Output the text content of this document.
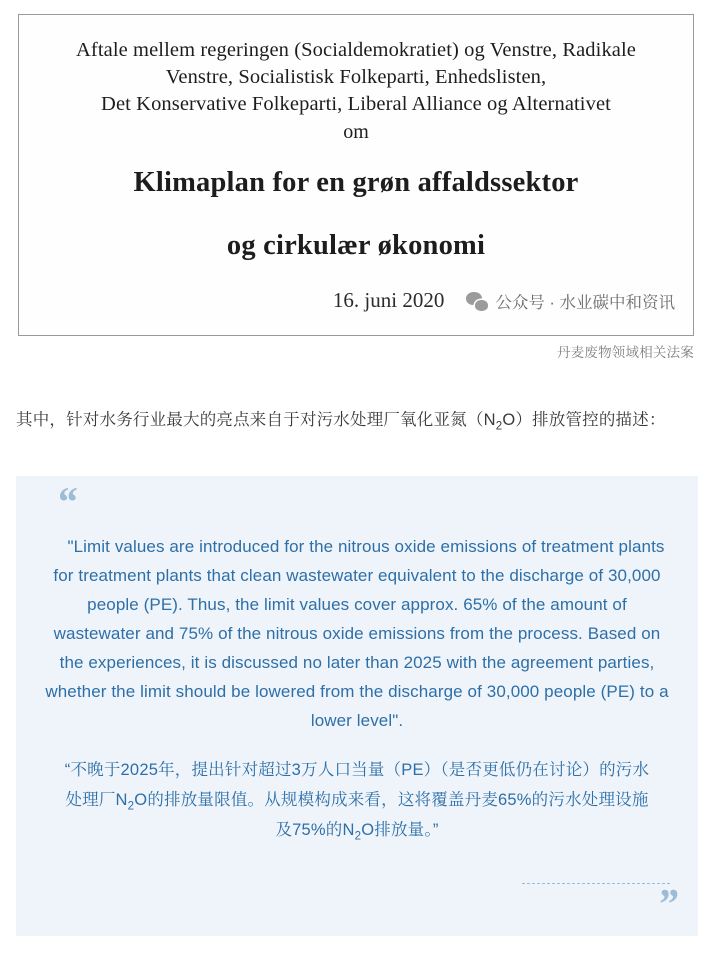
Aftale mellem regeringen (Socialdemokratiet) og Venstre, Radikale
Venstre, Socialistisk Folkeparti, Enhedslisten,
Det Konservative Folkeparti, Liberal Alliance og Alternativet
om
Klimaplan for en grøn affaldssektor
og cirkulær økonomi
16. juni 2020	公众号 · 水业碳中和资讯
丹麦废物领域相关法案

其中，针对水务行业最大的亮点来自于对污水处理厂氧化亚氮$(N_2O)$排放管控的描述：

“
"Limit values are introduced for the nitrous oxide emissions of treatment plants for treatment plants that clean wastewater equivalent to the discharge of 30,000 people (PE). Thus, the limit values cover approx. 65% of the amount of wastewater and 75% of the nitrous oxide emissions from the process. Based on the experiences, it is discussed no later than 2025 with the agreement parties, whether the limit should be lowered from the discharge of 30,000 people (PE) to a lower level".
“不晚于2025年，提出针对超过3万人口当量（PE）（是否更低仍在讨论）的污水处理厂$N_2O$的排放量限值。从规模构成来看，这将覆盖丹麦65%的污水处理设施及75%的$N_2O$排放量。”
”
